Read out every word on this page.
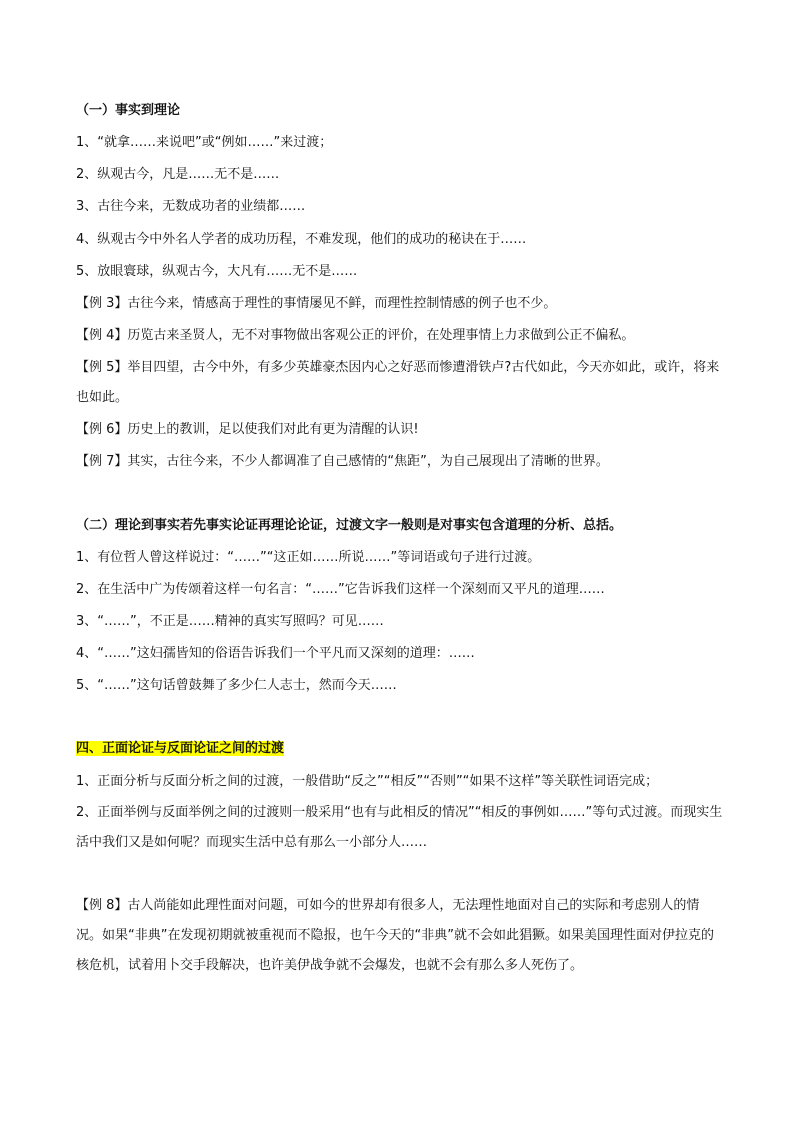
（一）事实到理论
1、“就拿……来说吧”或“例如……”来过渡；
2、纵观古今，凡是……无不是……
3、古往今来，无数成功者的业绩都……
4、纵观古今中外名人学者的成功历程，不难发现，他们的成功的秘诀在于……
5、放眼寰球，纵观古今，大凡有……无不是……
【例 3】古往今来，情感高于理性的事情屡见不鲜，而理性控制情感的例子也不少。
【例 4】历览古来圣贤人，无不对事物做出客观公正的评价，在处理事情上力求做到公正不偏私。
【例 5】举目四望，古今中外，有多少英雄豪杰因内心之好恶而惨遭滑铁卢?古代如此，今天亦如此，或许，将来也如此。
【例 6】历史上的教训，足以使我们对此有更为清醒的认识!
【例 7】其实，古往今来，不少人都调准了自己感情的“焦距”，为自己展现出了清晰的世界。
（二）理论到事实若先事实论证再理论论证，过渡文字一般则是对事实包含道理的分析、总括。
1、有位哲人曾这样说过：“……”“这正如……所说……”等词语或句子进行过渡。
2、在生活中广为传颂着这样一句名言：“……”它告诉我们这样一个深刻而又平凡的道理……
3、“……”，不正是……精神的真实写照吗？可见……
4、“……”这妇孺皆知的俗语告诉我们一个平凡而又深刻的道理：……
5、“……”这句话曾鼓舞了多少仁人志士，然而今天……
四、正面论证与反面论证之间的过渡
1、正面分析与反面分析之间的过渡，一般借助“反之”“相反”“否则”“如果不这样”等关联性词语完成；
2、正面举例与反面举例之间的过渡则一般采用“也有与此相反的情况”“相反的事例如……”等句式过渡。而现实生活中我们又是如何呢？而现实生活中总有那么一小部分人……
【例 8】古人尚能如此理性面对问题，可如今的世界却有很多人，无法理性地面对自己的实际和考虑别人的情况。如果“非典”在发现初期就被重视而不隐报，也午今天的“非典”就不会如此猖獗。如果美国理性面对伊拉克的核危机，试着用卜交手段解决，也许美伊战争就不会爆发，也就不会有那么多人死伤了。
